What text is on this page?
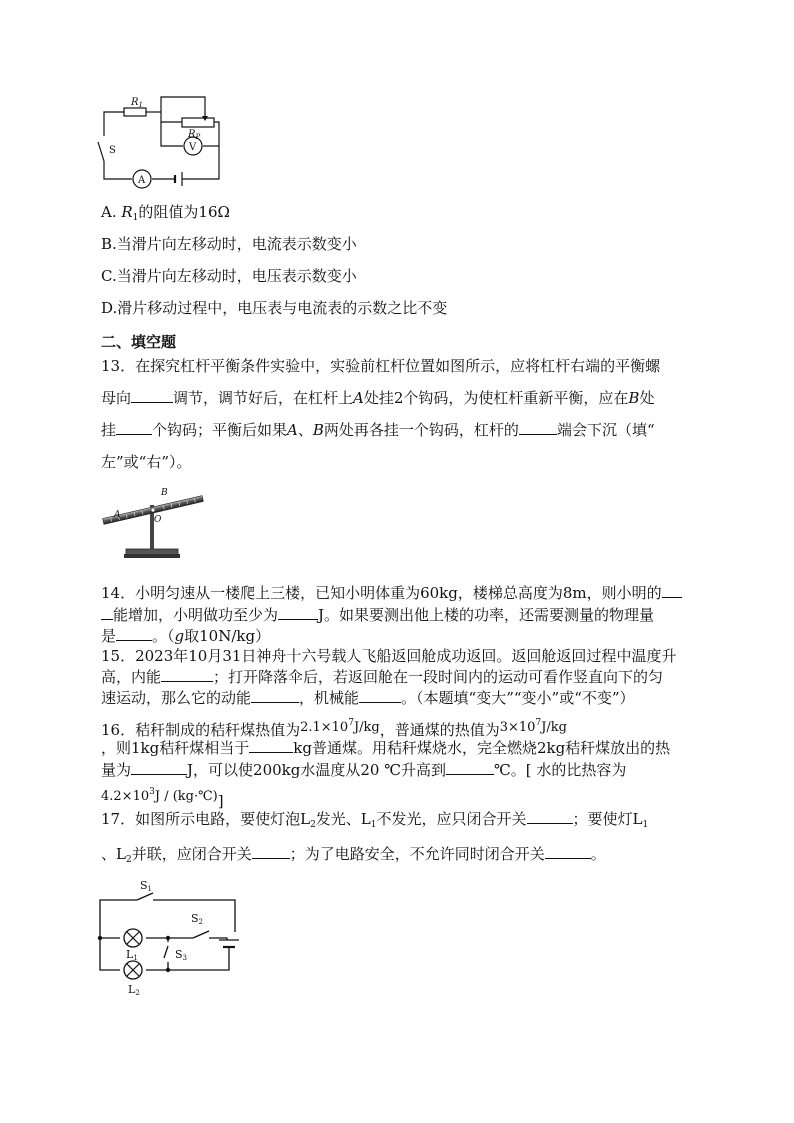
$R_1$
$R_P$
S	V
A
A. $R_1$的阻值为16Ω
B.当滑片向左移动时，电流表示数变小
C.当滑片向左移动时，电压表示数变小
D.滑片移动过程中，电压表与电流表的示数之比不变
二、填空题
13．在探究杠杆平衡条件实验中，实验前杠杆位置如图所示，应将杠杆右端的平衡螺
母向	调节，调节好后，在杠杆上A处挂2个钩码，为使杠杆重新平衡，应在B处
挂 个钩码；平衡后如果A、B两处再各挂一个钩码，杠杆的	端会下沉（填“
左”或“右”）。
A
B
O
14．小明匀速从一楼爬上三楼，已知小明体重为60kg，楼梯总高度为8m，则小明的
能增加，小明做功至少为	J。如果要测出他上楼的功率，还需要测量的物理量
是 。（g取10N/kg）
15．2023年10月31日神舟十六号载人飞船返回舱成功返回。返回舱返回过程中温度升
高，内能	；打开降落伞后，若返回舱在一段时间内的运动可看作竖直向下的匀
速运动，那么它的动能	，机械能	。（本题填“变大”“变小”或“不变”）
16．秸秆制成的秸秆煤热值为$2.1\times 10^7J/kg$，普通煤的热值为$3\times 10^7J/kg$
，则1kg秸秆煤相当于	kg普通煤。用秸秆煤烧水，完全燃烧2kg秸秆煤放出的热
量为	J，可以使200kg水温度从20 ℃升高到	℃。[ 水的比热容为
$4.2\times 10^3J$ / (kg·℃)]
17．如图所示电路，要使灯泡$L_2$发光、$L_1$不发光，应只闭合开关	；要使灯$L_1$
、$L_2$并联，应闭合开关	；为了电路安全，不允许同时闭合开关	。
S1
S2
S3
L1
L2
